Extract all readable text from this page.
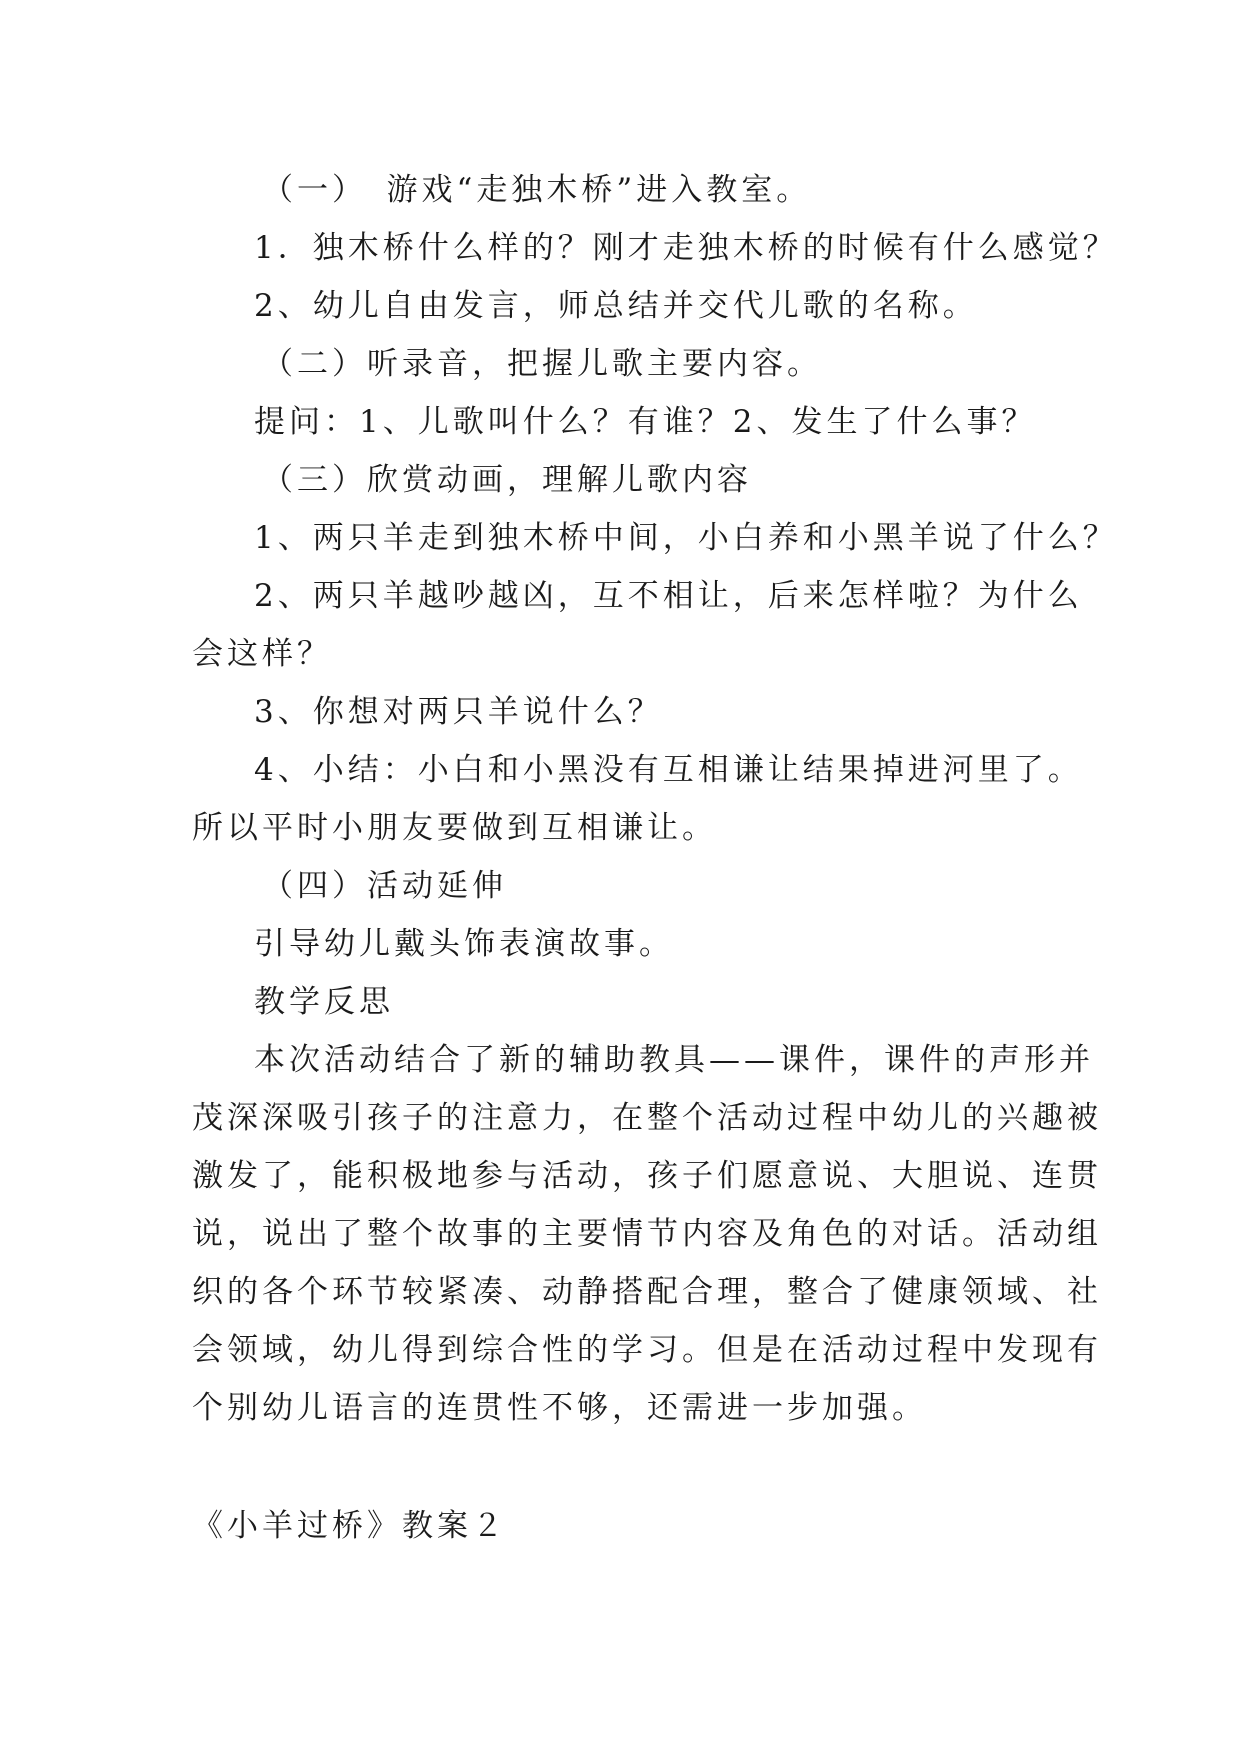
（一）　游戏“走独木桥”进入教室。
1．独木桥什么样的？刚才走独木桥的时候有什么感觉？
2、幼儿自由发言，师总结并交代儿歌的名称。
（二）听录音，把握儿歌主要内容。
提问：1、儿歌叫什么？有谁？2、发生了什么事？
（三）欣赏动画，理解儿歌内容
1、两只羊走到独木桥中间，小白养和小黑羊说了什么？
2、两只羊越吵越凶，互不相让，后来怎样啦？为什么
会这样？
3、你想对两只羊说什么？
4、小结：小白和小黑没有互相谦让结果掉进河里了。
所以平时小朋友要做到互相谦让。
（四）活动延伸
引导幼儿戴头饰表演故事。
教学反思
本次活动结合了新的辅助教具——课件，课件的声形并
茂深深吸引孩子的注意力，在整个活动过程中幼儿的兴趣被
激发了，能积极地参与活动，孩子们愿意说、大胆说、连贯
说，说出了整个故事的主要情节内容及角色的对话。活动组
织的各个环节较紧凑、动静搭配合理，整合了健康领域、社
会领域，幼儿得到综合性的学习。但是在活动过程中发现有
个别幼儿语言的连贯性不够，还需进一步加强。
《小羊过桥》教案２
